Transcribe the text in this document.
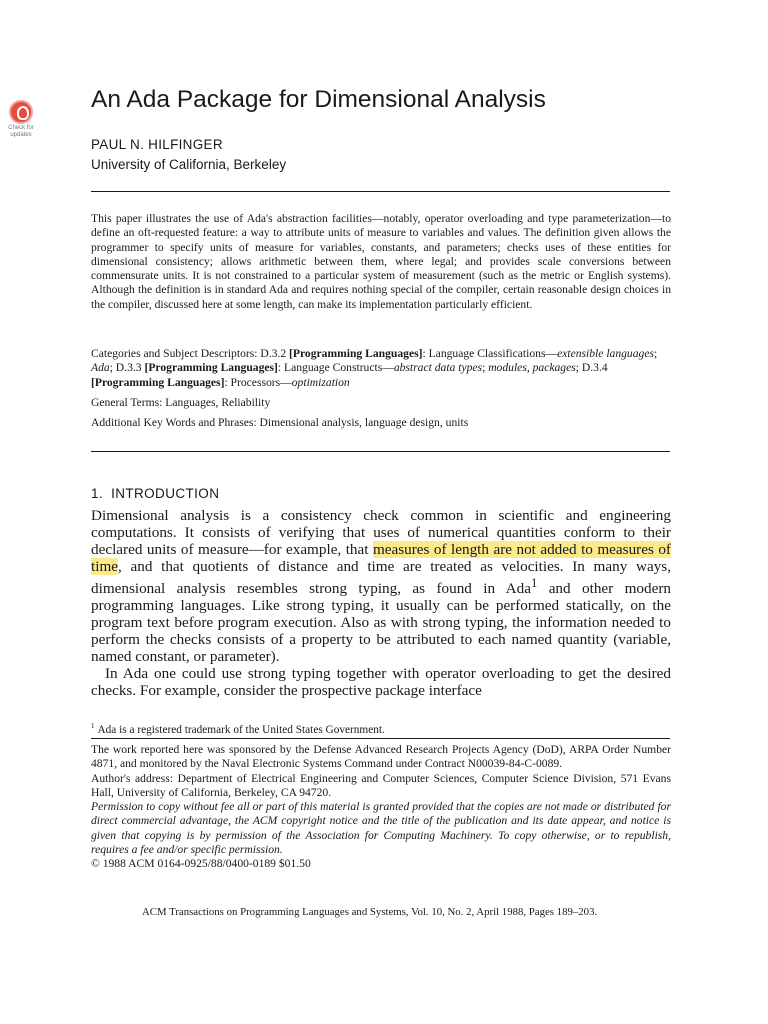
Check for updates
An Ada Package for Dimensional Analysis
PAUL N. HILFINGER
University of California, Berkeley
This paper illustrates the use of Ada's abstraction facilities—notably, operator overloading and type parameterization—to define an oft-requested feature: a way to attribute units of measure to variables and values. The definition given allows the programmer to specify units of measure for variables, constants, and parameters; checks uses of these entities for dimensional consistency; allows arithmetic between them, where legal; and provides scale conversions between commensurate units. It is not constrained to a particular system of measurement (such as the metric or English systems). Although the definition is in standard Ada and requires nothing special of the compiler, certain reasonable design choices in the compiler, discussed here at some length, can make its implementation particularly efficient.
Categories and Subject Descriptors: D.3.2 [Programming Languages]: Language Classifications—extensible languages; Ada; D.3.3 [Programming Languages]: Language Constructs—abstract data types; modules, packages; D.3.4 [Programming Languages]: Processors—optimization
General Terms: Languages, Reliability
Additional Key Words and Phrases: Dimensional analysis, language design, units
1. INTRODUCTION

Dimensional analysis is a consistency check common in scientific and engineering computations. It consists of verifying that uses of numerical quantities conform to their declared units of measure—for example, that measures of length are not added to measures of time, and that quotients of distance and time are treated as velocities. In many ways, dimensional analysis resembles strong typing, as found in Ada$^1$ and other modern programming languages. Like strong typing, it usually can be performed statically, on the program text before program execution. Also as with strong typing, the information needed to perform the checks consists of a property to be attributed to each named quantity (variable, named constant, or parameter).

In Ada one could use strong typing together with operator overloading to get the desired checks. For example, consider the prospective package interface

$^1$ Ada is a registered trademark of the United States Government.

The work reported here was sponsored by the Defense Advanced Research Projects Agency (DoD), ARPA Order Number 4871, and monitored by the Naval Electronic Systems Command under Contract N00039-84-C-0089.

Author's address: Department of Electrical Engineering and Computer Sciences, Computer Science Division, 571 Evans Hall, University of California, Berkeley, CA 94720.

Permission to copy without fee all or part of this material is granted provided that the copies are not made or distributed for direct commercial advantage, the ACM copyright notice and the title of the publication and its date appear, and notice is given that copying is by permission of the Association for Computing Machinery. To copy otherwise, or to republish, requires a fee and/or specific permission.

© 1988 ACM 0164-0925/88/0400-0189 $01.50

ACM Transactions on Programming Languages and Systems, Vol. 10, No. 2, April 1988, Pages 189–203.
